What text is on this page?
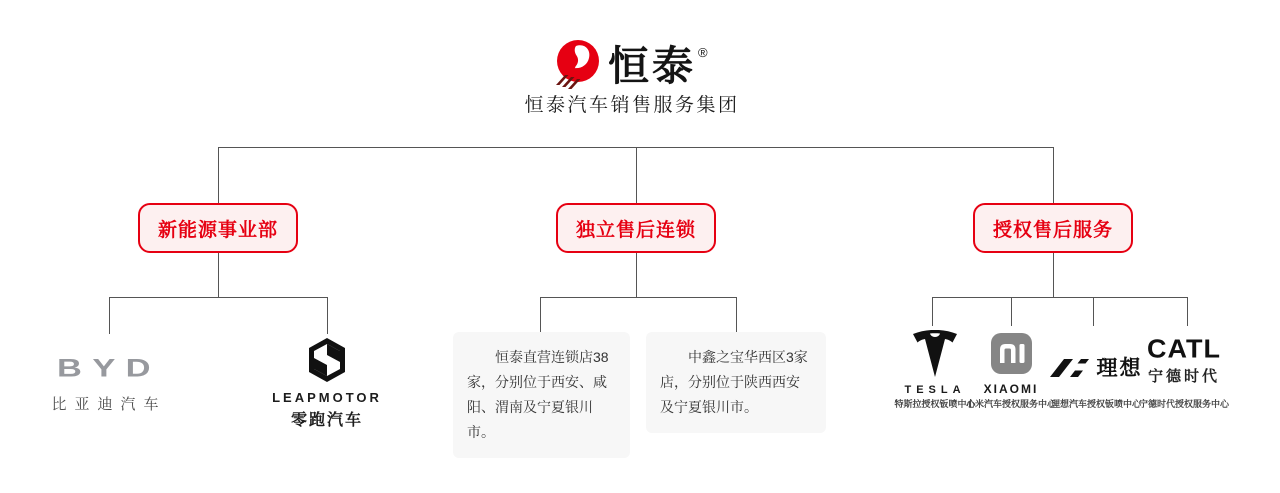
恒泰 ®
恒泰汽车销售服务集团
新能源事业部	独立售后连锁	授权售后服务
BYD
比亚迪汽车	LEAPMOTOR
零跑汽车

恒泰直营连锁店38家，分别位于西安、咸阳、渭南及宁夏银川市。

中鑫之宝华西区3家店，分别位于陕西西安及宁夏银川市。

TESLA
特斯拉授权钣喷中心
XIAOMI
小米汽车授权服务中心
理想
理想汽车授权钣喷中心
CATL
宁德时代
宁德时代授权服务中心
